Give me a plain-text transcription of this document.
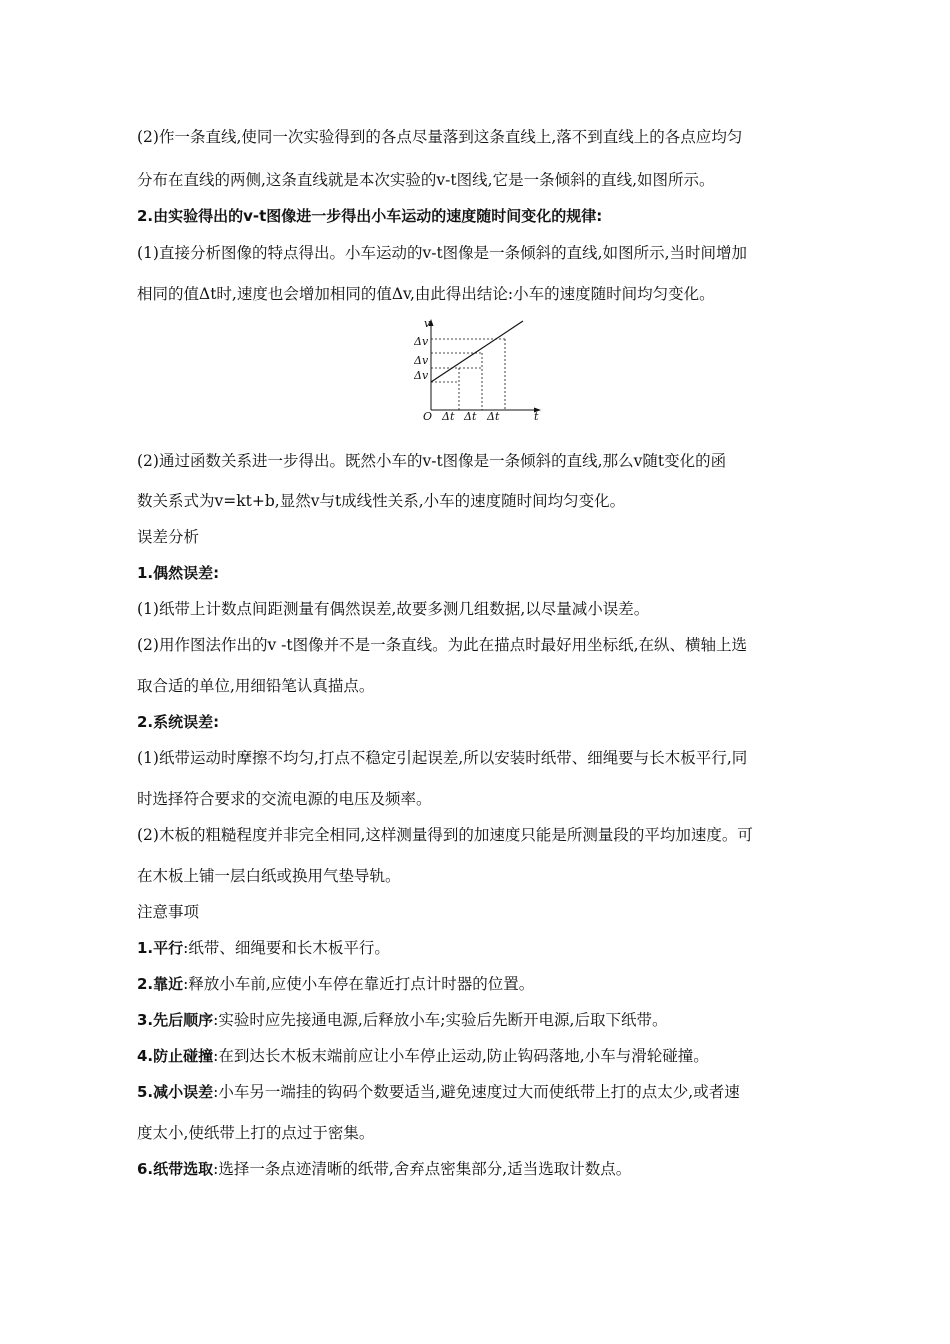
(2)作一条直线,使同一次实验得到的各点尽量落到这条直线上,落不到直线上的各点应均匀
分布在直线的两侧,这条直线就是本次实验的v-t图线,它是一条倾斜的直线,如图所示。
2.由实验得出的v-t图像进一步得出小车运动的速度随时间变化的规律:
(1)直接分析图像的特点得出。小车运动的v-t图像是一条倾斜的直线,如图所示,当时间增加
相同的值Δt时,速度也会增加相同的值Δv,由此得出结论:小车的速度随时间均匀变化。
v
Δv
Δv
Δv
O Δt Δt Δt	t
(2)通过函数关系进一步得出。既然小车的v-t图像是一条倾斜的直线,那么v随t变化的函
数关系式为v=kt+b,显然v与t成线性关系,小车的速度随时间均匀变化。
误差分析
1.偶然误差:
(1)纸带上计数点间距测量有偶然误差,故要多测几组数据,以尽量减小误差。
(2)用作图法作出的v -t图像并不是一条直线。为此在描点时最好用坐标纸,在纵、横轴上选
取合适的单位,用细铅笔认真描点。
2.系统误差:
(1)纸带运动时摩擦不均匀,打点不稳定引起误差,所以安装时纸带、细绳要与长木板平行,同
时选择符合要求的交流电源的电压及频率。
(2)木板的粗糙程度并非完全相同,这样测量得到的加速度只能是所测量段的平均加速度。可
在木板上铺一层白纸或换用气垫导轨。
注意事项
1.平行:纸带、细绳要和长木板平行。
2.靠近:释放小车前,应使小车停在靠近打点计时器的位置。
3.先后顺序:实验时应先接通电源,后释放小车;实验后先断开电源,后取下纸带。
4.防止碰撞:在到达长木板末端前应让小车停止运动,防止钩码落地,小车与滑轮碰撞。
5.减小误差:小车另一端挂的钩码个数要适当,避免速度过大而使纸带上打的点太少,或者速
度太小,使纸带上打的点过于密集。
6.纸带选取:选择一条点迹清晰的纸带,舍弃点密集部分,适当选取计数点。
